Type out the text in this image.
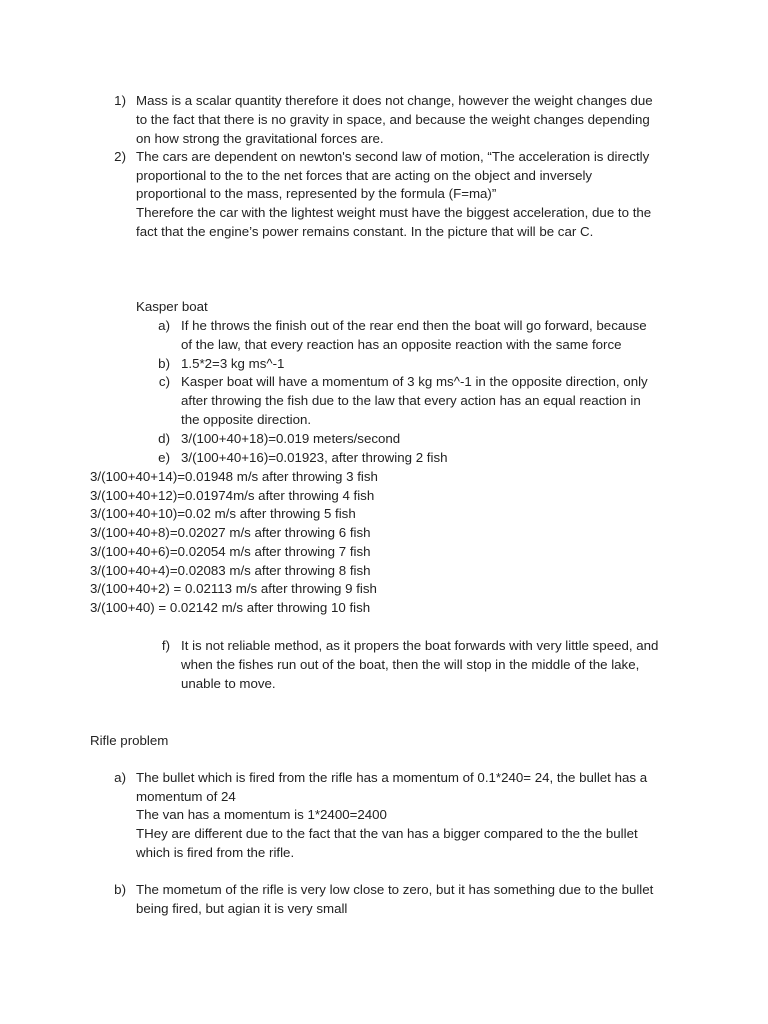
1) Mass is a scalar quantity therefore it does not change, however the weight changes due
to the fact that there is no gravity in space, and because the weight changes depending
on how strong the gravitational forces are.
2) The cars are dependent on newton's second law of motion, “The acceleration is directly
proportional to the to the net forces that are acting on the object and inversely
proportional to the mass, represented by the formula (F=ma)”
Therefore the car with the lightest weight must have the biggest acceleration, due to the
fact that the engine’s power remains constant. In the picture that will be car C.
Kasper boat
a) If he throws the finish out of the rear end then the boat will go forward, because
of the law, that every reaction has an opposite reaction with the same force
b) 1.5*2=3 kg ms^-1
c) Kasper boat will have a momentum of 3 kg ms^-1 in the opposite direction, only
after throwing the fish due to the law that every action has an equal reaction in
the opposite direction.
d) 3/(100+40+18)=0.019 meters/second
e) 3/(100+40+16)=0.01923, after throwing 2 fish
3/(100+40+14)=0.01948 m/s after throwing 3 fish
3/(100+40+12)=0.01974m/s after throwing 4 fish
3/(100+40+10)=0.02 m/s after throwing 5 fish
3/(100+40+8)=0.02027 m/s after throwing 6 fish
3/(100+40+6)=0.02054 m/s after throwing 7 fish
3/(100+40+4)=0.02083 m/s after throwing 8 fish
3/(100+40+2) = 0.02113 m/s after throwing 9 fish
3/(100+40) = 0.02142 m/s after throwing 10 fish
f) It is not reliable method, as it propers the boat forwards with very little speed, and
when the fishes run out of the boat, then the will stop in the middle of the lake,
unable to move.
Rifle problem
a) The bullet which is fired from the rifle has a momentum of 0.1*240= 24, the bullet has a
momentum of 24
The van has a momentum is 1*2400=2400
THey are different due to the fact that the van has a bigger compared to the the bullet
which is fired from the rifle.
b) The mometum of the rifle is very low close to zero, but it has something due to the bullet
being fired, but agian it is very small
